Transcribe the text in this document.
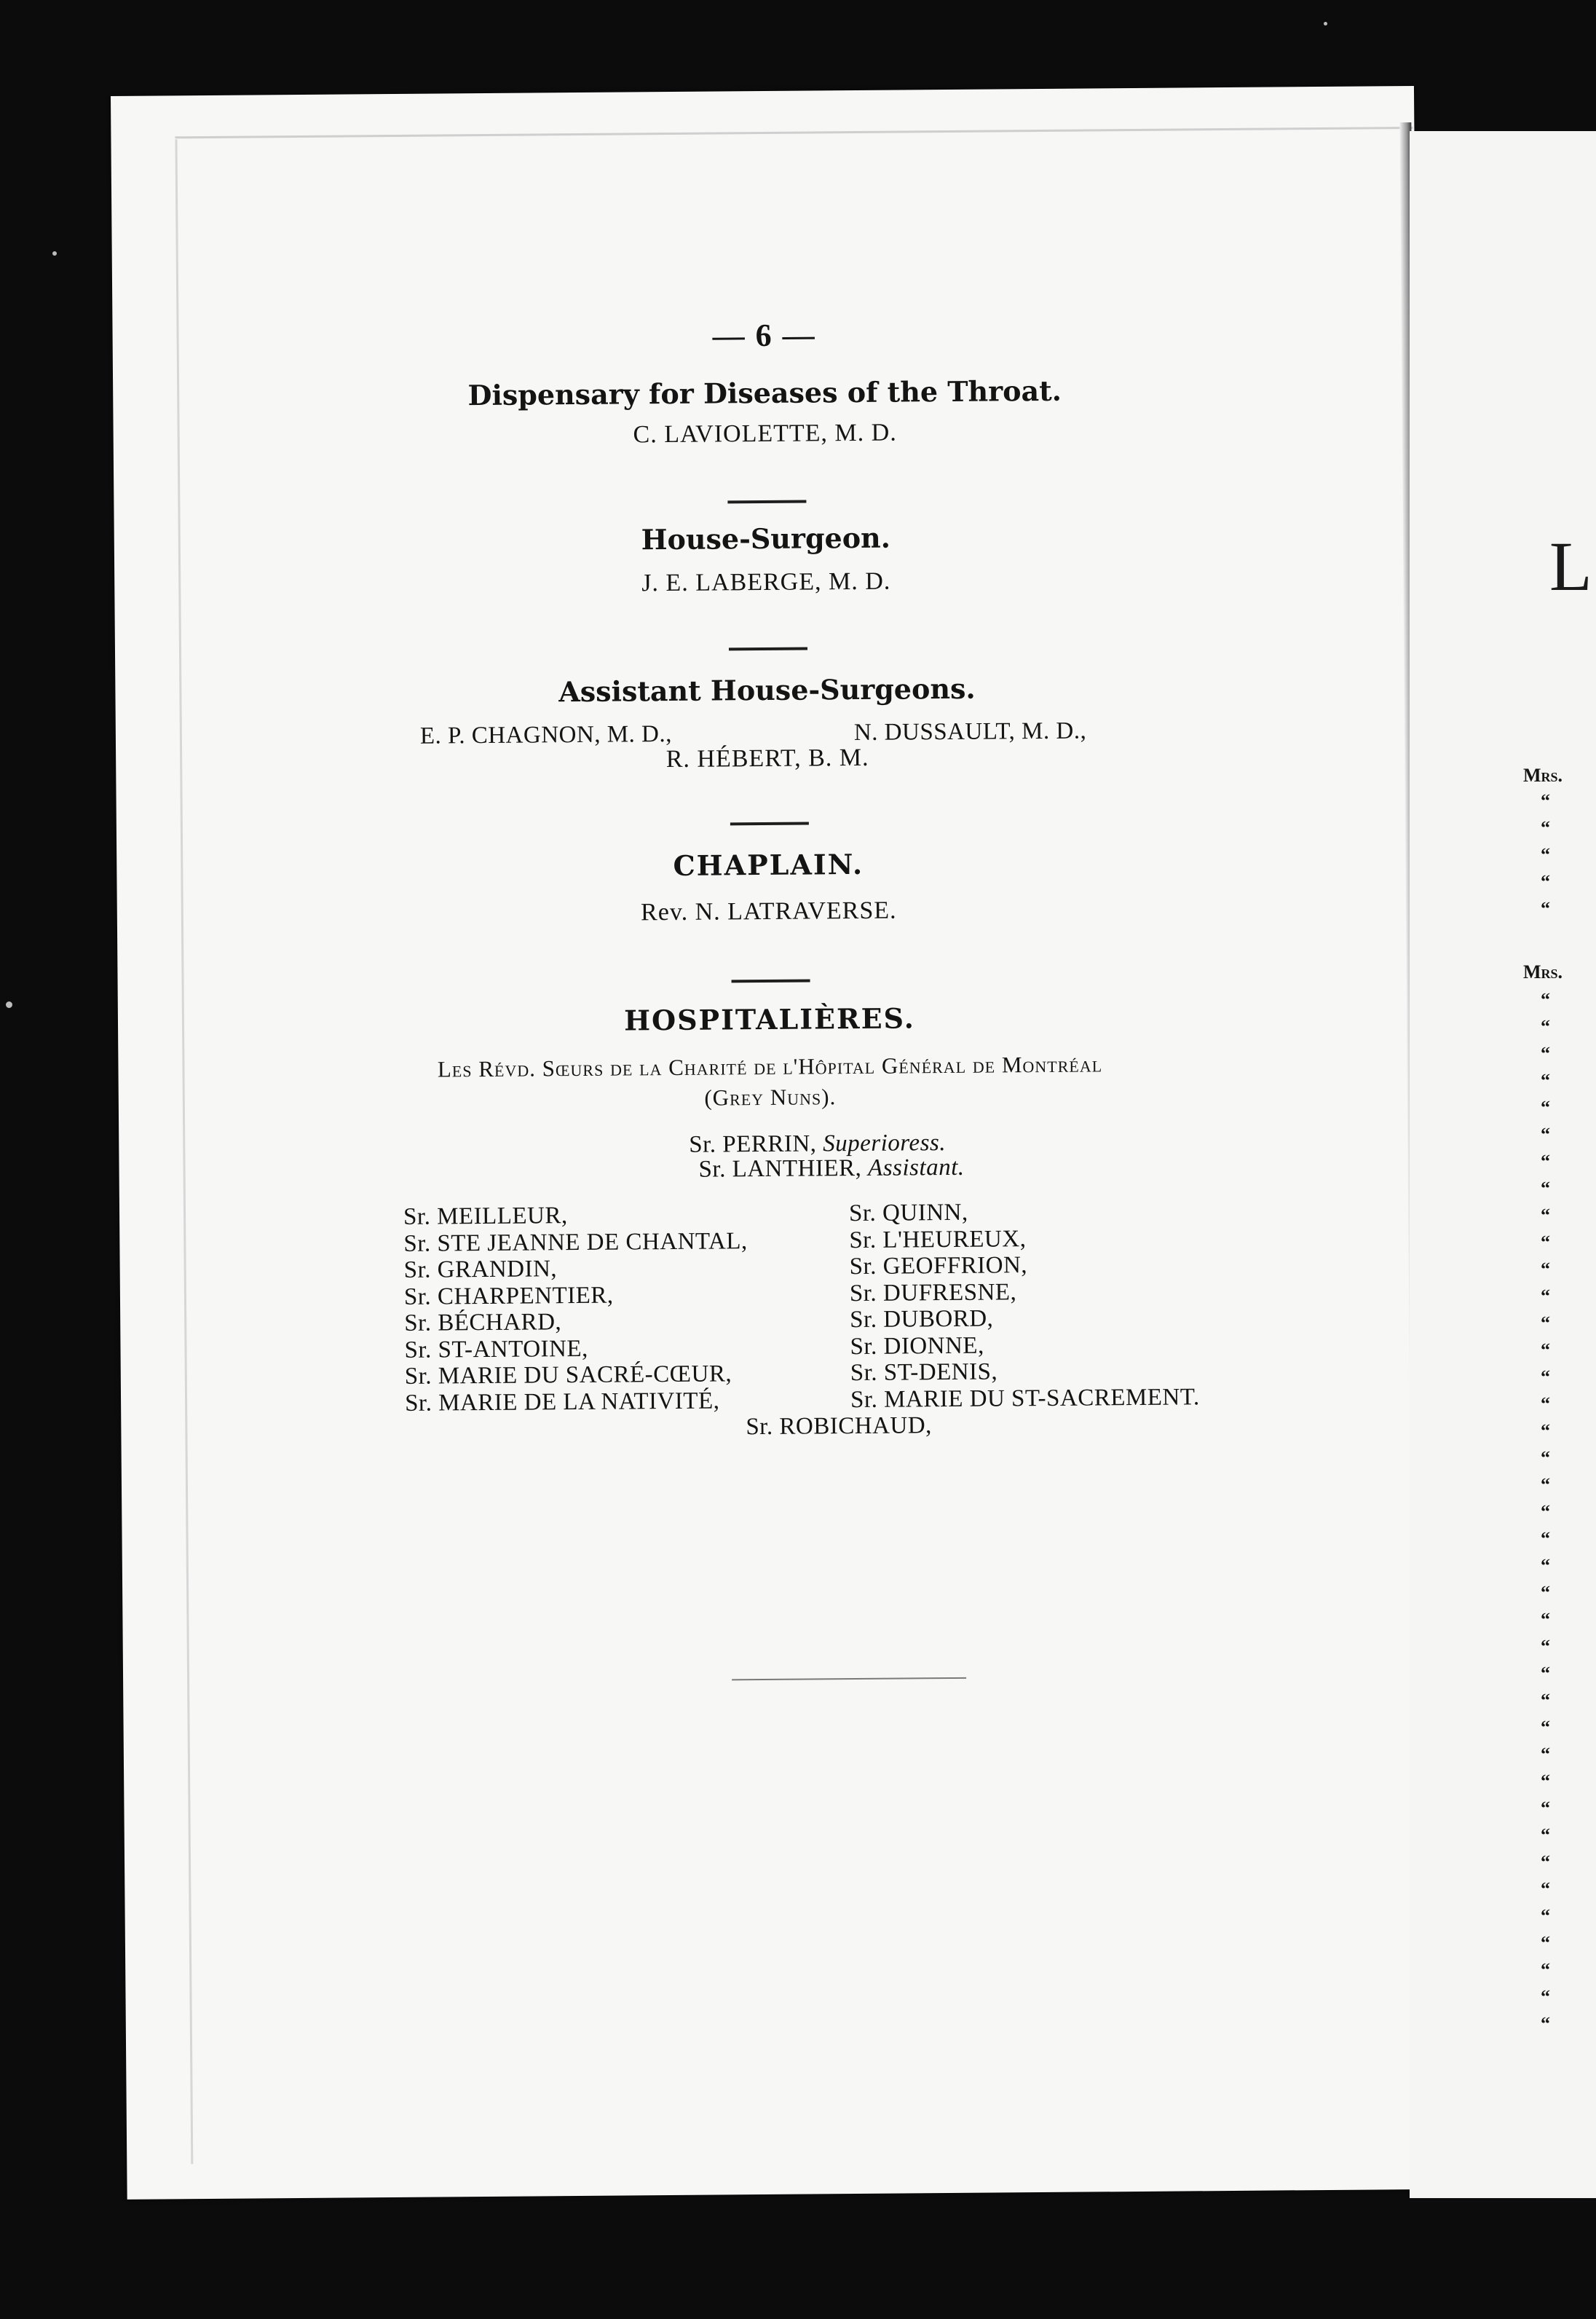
— 6 —
Dispensary for Diseases of the Throat.
C. LAVIOLETTE, M. D.
House-Surgeon.
J. E. LABERGE, M. D.
Assistant House-Surgeons.
E. P. CHAGNON, M. D.,	N. DUSSAULT, M. D.,
R. HÉBERT, B. M.
CHAPLAIN.
Rev. N. LATRAVERSE.
HOSPITALIÈRES.
Les Révd. Sœurs de la Charité de l'Hôpital Général de Montréal
(Grey Nuns).
Sr. PERRIN, Superioress.
Sr. LANTHIER, Assistant.
Sr. MEILLEUR,
Sr. STE JEANNE DE CHANTAL,
Sr. GRANDIN,
Sr. CHARPENTIER,
Sr. BÉCHARD,
Sr. ST-ANTOINE,
Sr. MARIE DU SACRÉ-CŒUR,
Sr. MARIE DE LA NATIVITÉ,
Sr. QUINN,
Sr. L'HEUREUX,
Sr. GEOFFRION,
Sr. DUFRESNE,
Sr. DUBORD,
Sr. DIONNE,
Sr. ST-DENIS,
Sr. MARIE DU ST-SACREMENT.
Sr. ROBICHAUD,
L
Mrs.
Mrs.
“
“
“
“
“
“
“
“
“
“
“
“
“
“
“
“
“
“
“
“
“
“
“
“
“
“
“
“
“
“
“
“
“
“
“
“
“
“
“
“
“
“
“
“
